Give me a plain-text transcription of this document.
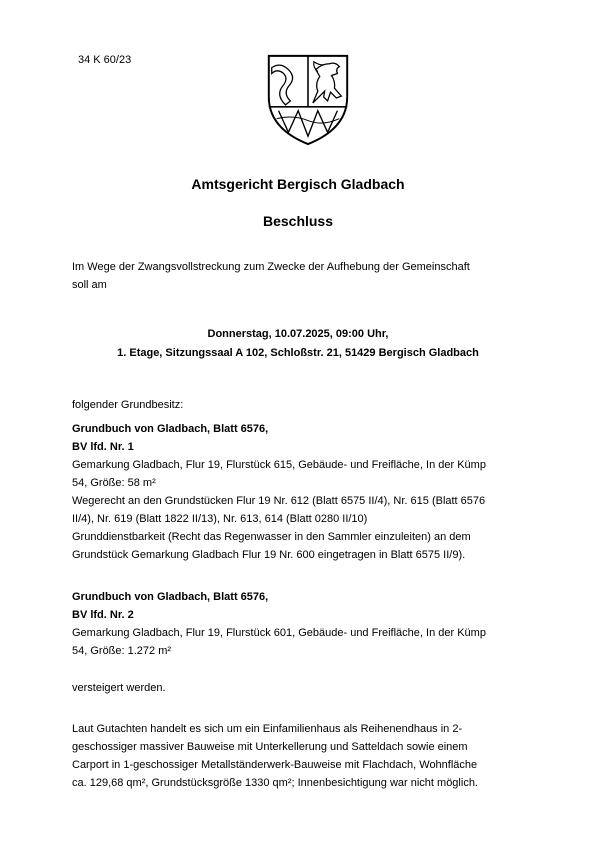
34 K 60/23
Amtsgericht Bergisch Gladbach
Beschluss
Im Wege der Zwangsvollstreckung zum Zwecke der Aufhebung der Gemeinschaft
soll am
Donnerstag, 10.07.2025, 09:00 Uhr,
1. Etage, Sitzungssaal A 102, Schloßstr. 21, 51429 Bergisch Gladbach
folgender Grundbesitz:
Grundbuch von Gladbach, Blatt 6576,
BV lfd. Nr. 1
Gemarkung Gladbach, Flur 19, Flurstück 615, Gebäude- und Freifläche, In der Kümp
54, Größe: 58 m²
Wegerecht an den Grundstücken Flur 19 Nr. 612 (Blatt 6575 II/4), Nr. 615 (Blatt 6576
II/4), Nr. 619 (Blatt 1822 II/13), Nr. 613, 614 (Blatt 0280 II/10)
Grunddienstbarkeit (Recht das Regenwasser in den Sammler einzuleiten) an dem
Grundstück Gemarkung Gladbach Flur 19 Nr. 600 eingetragen in Blatt 6575 II/9).
Grundbuch von Gladbach, Blatt 6576,
BV lfd. Nr. 2
Gemarkung Gladbach, Flur 19, Flurstück 601, Gebäude- und Freifläche, In der Kümp
54, Größe: 1.272 m²
versteigert werden.
Laut Gutachten handelt es sich um ein Einfamilienhaus als Reihenendhaus in 2-
geschossiger massiver Bauweise mit Unterkellerung und Satteldach sowie einem
Carport in 1-geschossiger Metallständerwerk-Bauweise mit Flachdach, Wohnfläche
ca. 129,68 qm², Grundstücksgröße 1330 qm²; Innenbesichtigung war nicht möglich.
